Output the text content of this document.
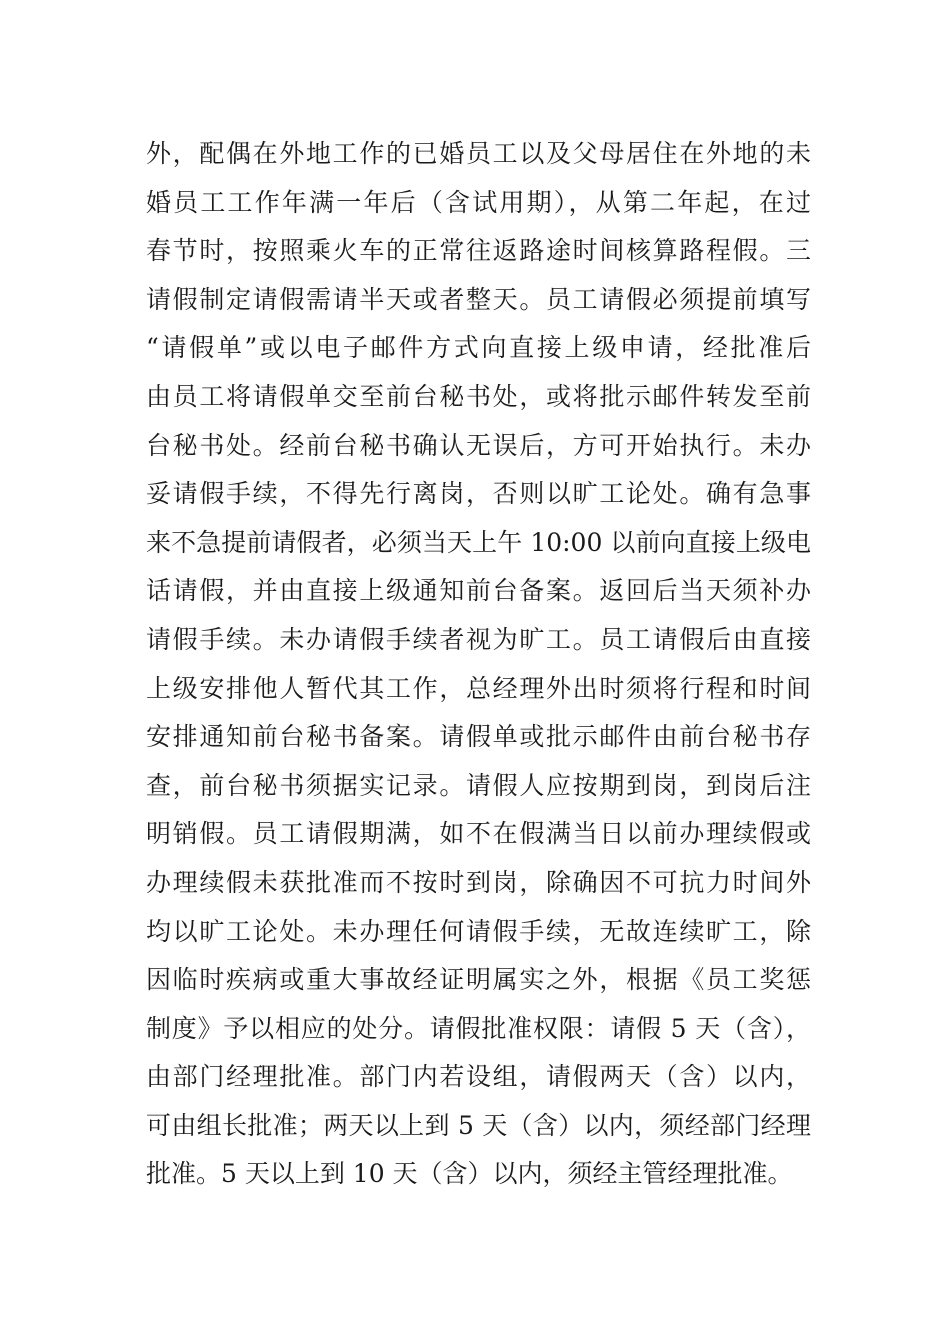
外，配偶在外地工作的已婚员工以及父母居住在外地的未
婚员工工作年满一年后（含试用期），从第二年起，在过
春节时，按照乘火车的正常往返路途时间核算路程假。三
请假制定请假需请半天或者整天。员工请假必须提前填写
“请假单”或以电子邮件方式向直接上级申请，经批准后
由员工将请假单交至前台秘书处，或将批示邮件转发至前
台秘书处。经前台秘书确认无误后，方可开始执行。未办
妥请假手续，不得先行离岗，否则以旷工论处。确有急事
来不急提前请假者，必须当天上午 10:00 以前向直接上级电
话请假，并由直接上级通知前台备案。返回后当天须补办
请假手续。未办请假手续者视为旷工。员工请假后由直接
上级安排他人暂代其工作，总经理外出时须将行程和时间
安排通知前台秘书备案。请假单或批示邮件由前台秘书存
查，前台秘书须据实记录。请假人应按期到岗，到岗后注
明销假。员工请假期满，如不在假满当日以前办理续假或
办理续假未获批准而不按时到岗，除确因不可抗力时间外
均以旷工论处。未办理任何请假手续，无故连续旷工，除
因临时疾病或重大事故经证明属实之外，根据《员工奖惩
制度》予以相应的处分。请假批准权限：请假 5 天（含），
由部门经理批准。部门内若设组，请假两天（含）以内，
可由组长批准；两天以上到 5 天（含）以内，须经部门经理
批准。5 天以上到 10 天（含）以内，须经主管经理批准。
